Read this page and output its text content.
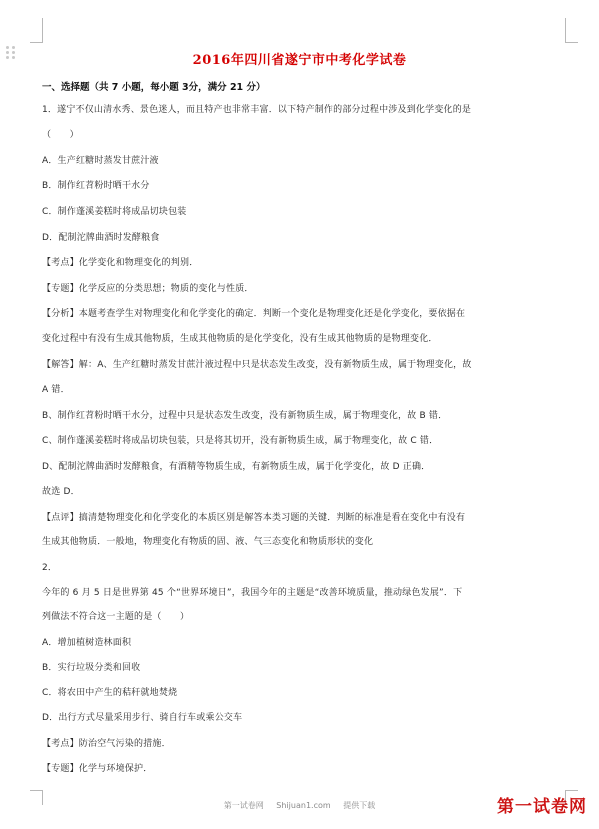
2016年四川省遂宁市中考化学试卷
一、选择题（共 7 小题，每小题 3分，满分 21 分）
1．遂宁不仅山清水秀、景色迷人，而且特产也非常丰富．以下特产制作的部分过程中涉及到化学变化的是
（　　）
A．生产红糖时蒸发甘蔗汁液
B．制作红苕粉时晒干水分
C．制作蓬溪姜糕时将成品切块包装
D．配制沱牌曲酒时发酵粮食
【考点】化学变化和物理变化的判别．
【专题】化学反应的分类思想；物质的变化与性质．
【分析】本题考查学生对物理变化和化学变化的确定．判断一个变化是物理变化还是化学变化，要依据在
变化过程中有没有生成其他物质，生成其他物质的是化学变化，没有生成其他物质的是物理变化．
【解答】解：A、生产红糖时蒸发甘蔗汁液过程中只是状态发生改变，没有新物质生成，属于物理变化，故
A 错．
B、制作红苕粉时晒干水分，过程中只是状态发生改变，没有新物质生成，属于物理变化，故 B 错．
C、制作蓬溪姜糕时将成品切块包装，只是将其切开，没有新物质生成，属于物理变化，故 C 错．
D、配制沱牌曲酒时发酵粮食，有酒精等物质生成，有新物质生成，属于化学变化，故 D 正确．
故选 D．
【点评】搞清楚物理变化和化学变化的本质区别是解答本类习题的关键．判断的标准是看在变化中有没有
生成其他物质．一般地，物理变化有物质的固、液、气三态变化和物质形状的变化
2．
今年的 6 月 5 日是世界第 45 个“世界环境日”，我国今年的主题是“改善环境质量，推动绿色发展”．下
列做法不符合这一主题的是（　　）
A．增加植树造林面积
B．实行垃圾分类和回收
C．将农田中产生的秸秆就地焚烧
D．出行方式尽量采用步行、骑自行车或乘公交车
【考点】防治空气污染的措施．
【专题】化学与环境保护．
第一试卷网 Shijuan1.com 提供下载	第一试卷网
